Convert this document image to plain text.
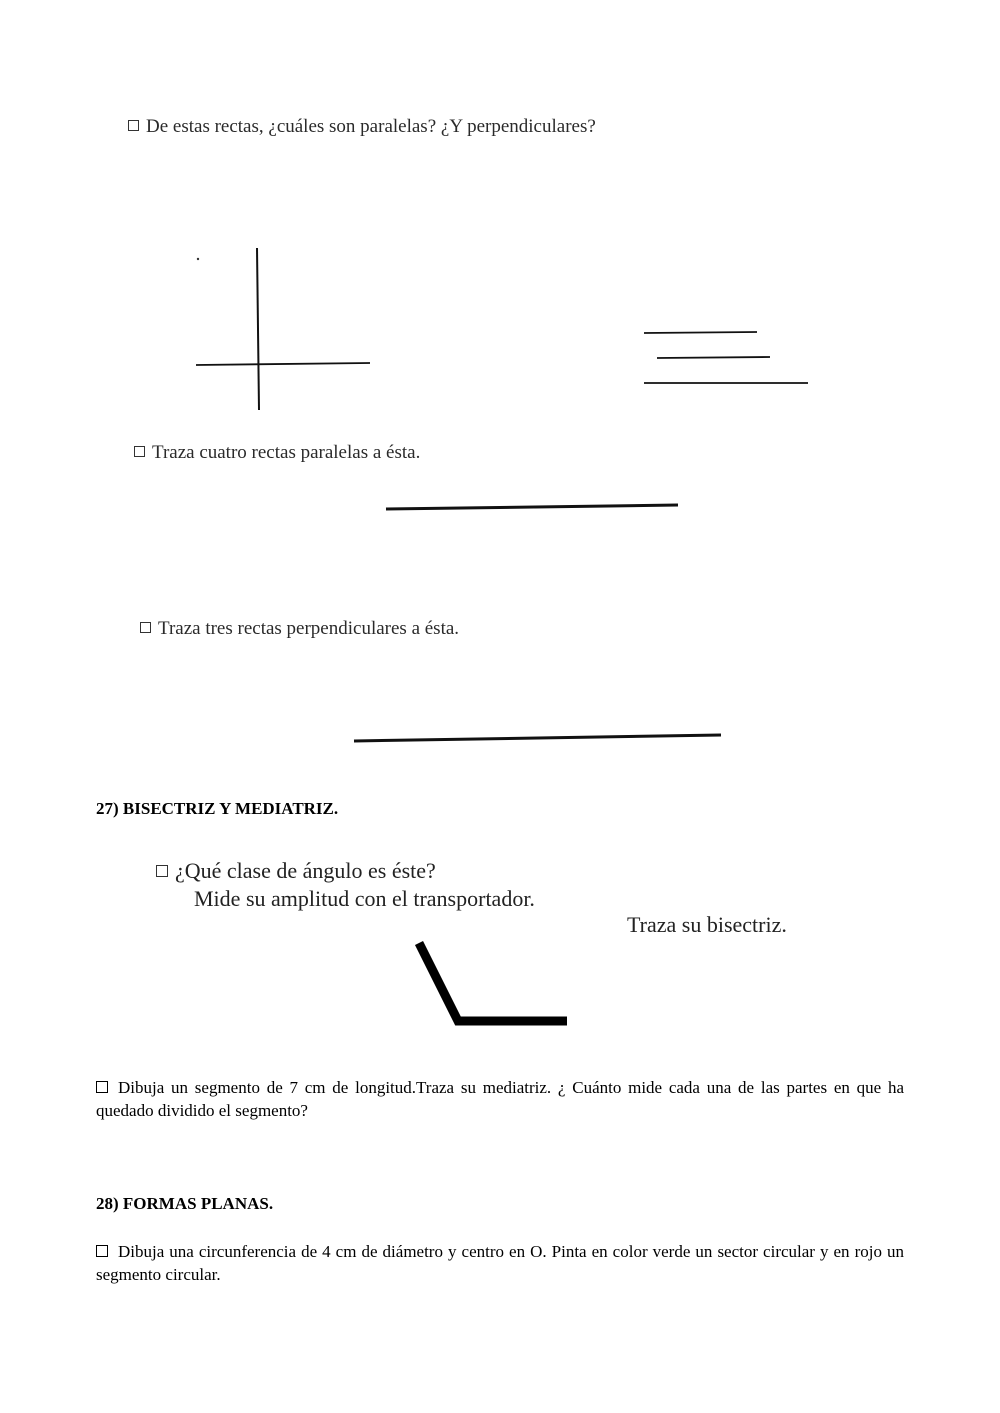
De estas rectas, ¿cuáles son paralelas? ¿Y perpendiculares?
Traza cuatro rectas paralelas a ésta.
Traza tres rectas perpendiculares a ésta.
27) BISECTRIZ Y MEDIATRIZ.
¿Qué clase de ángulo es éste?
Mide su amplitud con el transportador.
Traza su bisectriz.
Dibuja un segmento de 7 cm de longitud.Traza su mediatriz. ¿ Cuánto mide cada una de las partes en que ha quedado dividido el segmento?
28) FORMAS PLANAS.
Dibuja una circunferencia de 4 cm de diámetro y centro en O. Pinta en color verde un sector circular y en rojo un segmento circular.
